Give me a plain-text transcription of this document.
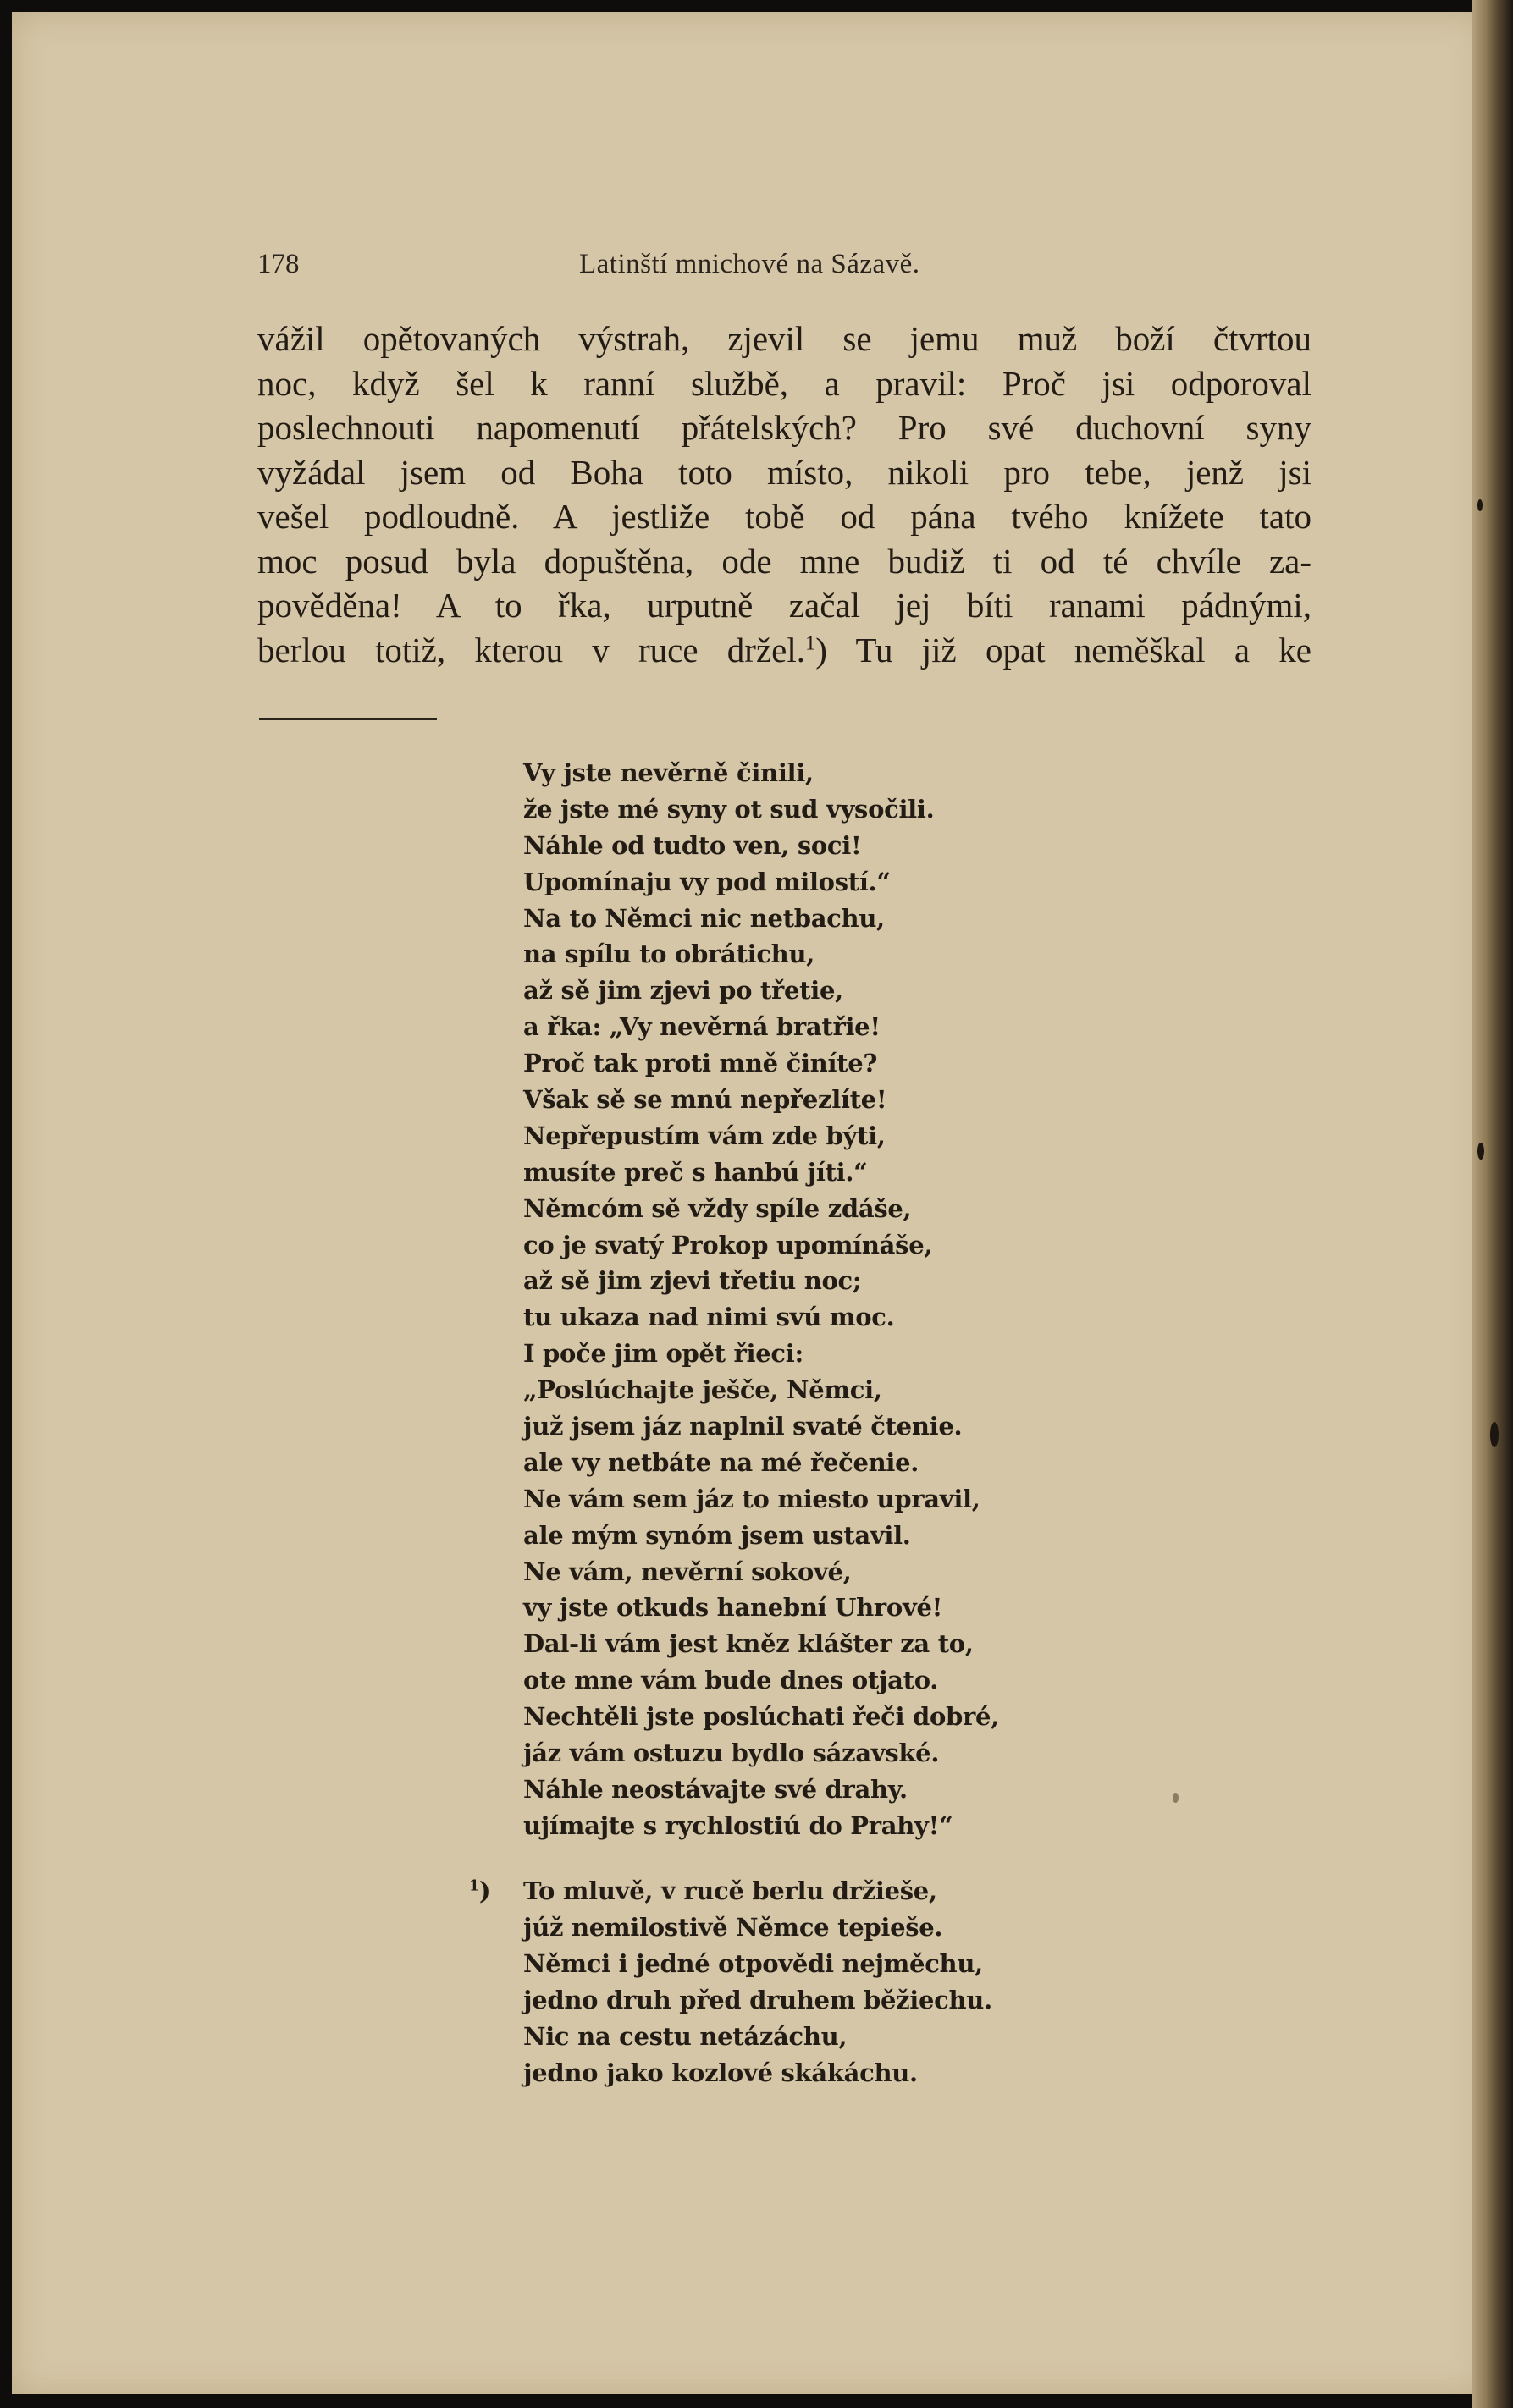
178	Latinští mnichové na Sázavě.
vážil opětovaných výstrah, zjevil se jemu muž boží čtvrtou
noc, když šel k ranní službě, a pravil: Proč jsi odporoval
poslechnouti napomenutí přátelských? Pro své duchovní syny
vyžádal jsem od Boha toto místo, nikoli pro tebe, jenž jsi
vešel podloudně. A jestliže tobě od pána tvého knížete tato
moc posud byla dopuštěna, ode mne budiž ti od té chvíle za-
pověděna! A to řka, urputně začal jej bíti ranami pádnými,
berlou totiž, kterou v ruce držel.$^1$) Tu již opat neměškal a ke
Vy jste nevěrně činili,
že jste mé syny ot sud vysočili.
Náhle od tudto ven, soci!
Upomínaju vy pod milostí.“
Na to Němci nic netbachu,
na spílu to obrátichu,
až sě jim zjevi po třetie,
a řka: „Vy nevěrná bratřie!
Proč tak proti mně činíte?
Však sě se mnú nepřezlíte!
Nepřepustím vám zde býti,
musíte preč s hanbú jíti.“
Němcóm sě vždy spíle zdáše,
co je svatý Prokop upomínáše,
až sě jim zjevi třetiu noc;
tu ukaza nad nimi svú moc.
I poče jim opět řieci:
„Poslúchajte ješče, Němci,
juž jsem jáz naplnil svaté čtenie.
ale vy netbáte na mé řečenie.
Ne vám sem jáz to miesto upravil,
ale mým synóm jsem ustavil.
Ne vám, nevěrní sokové,
vy jste otkuds hanební Uhrové!
Dal-li vám jest kněz klášter za to,
ote mne vám bude dnes otjato.
Nechtěli jste poslúchati řeči dobré,
jáz vám ostuzu bydlo sázavské.
Náhle neostávajte své drahy.
ujímajte s rychlostiú do Prahy!“
$^1$) To mluvě, v rucě berlu držieše,
júž nemilostivě Němce tepieše.
Němci i jedné otpovědi nejměchu,
jedno druh před druhem běžiechu.
Nic na cestu netázáchu,
jedno jako kozlové skákáchu.
